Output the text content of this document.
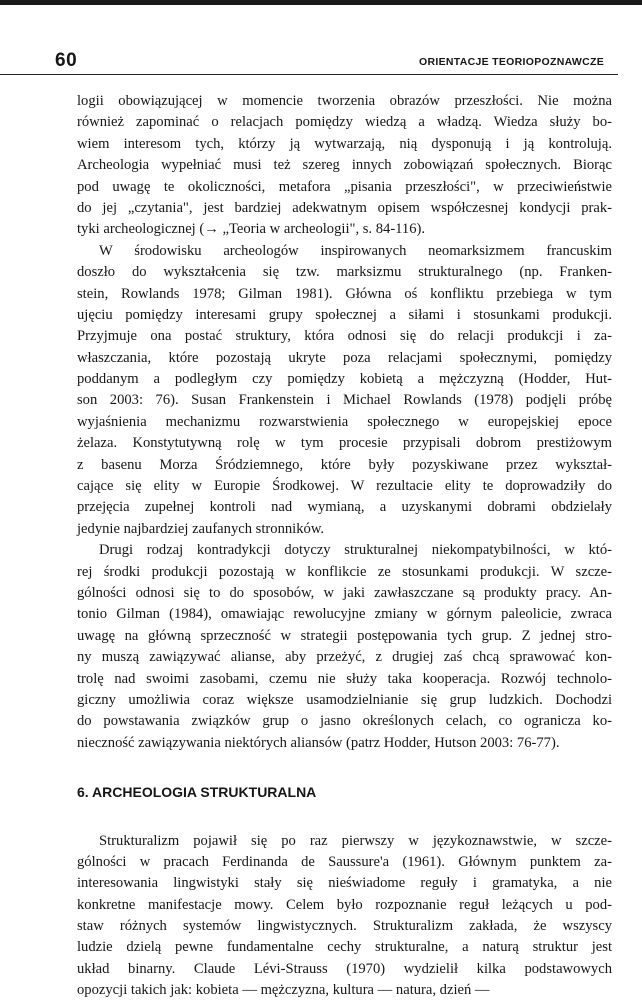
60	ORIENTACJE TEORIOPOZNAWCZE
logii obowiązującej w momencie tworzenia obrazów przeszłości. Nie można
również zapominać o relacjach pomiędzy wiedzą a władzą. Wiedza służy bo-
wiem interesom tych, którzy ją wytwarzają, nią dysponują i ją kontrolują.
Archeologia wypełniać musi też szereg innych zobowiązań społecznych. Biorąc
pod uwagę te okoliczności, metafora „pisania przeszłości", w przeciwieństwie
do jej „czytania", jest bardziej adekwatnym opisem współczesnej kondycji prak-
tyki archeologicznej (→ „Teoria w archeologii", s. 84-116).
W środowisku archeologów inspirowanych neomarksizmem francuskim
doszło do wykształcenia się tzw. marksizmu strukturalnego (np. Franken-
stein, Rowlands 1978; Gilman 1981). Główna oś konfliktu przebiega w tym
ujęciu pomiędzy interesami grupy społecznej a siłami i stosunkami produkcji.
Przyjmuje ona postać struktury, która odnosi się do relacji produkcji i za-
właszczania, które pozostają ukryte poza relacjami społecznymi, pomiędzy
poddanym a podległym czy pomiędzy kobietą a mężczyzną (Hodder, Hut-
son 2003: 76). Susan Frankenstein i Michael Rowlands (1978) podjęli próbę
wyjaśnienia mechanizmu rozwarstwienia społecznego w europejskiej epoce
żelaza. Konstytutywną rolę w tym procesie przypisali dobrom prestiżowym
z basenu Morza Śródziemnego, które były pozyskiwane przez wykształ-
cające się elity w Europie Środkowej. W rezultacie elity te doprowadziły do
przejęcia zupełnej kontroli nad wymianą, a uzyskanymi dobrami obdzielały
jedynie najbardziej zaufanych stronników.
Drugi rodzaj kontradykcji dotyczy strukturalnej niekompatybilności, w któ-
rej środki produkcji pozostają w konflikcie ze stosunkami produkcji. W szcze-
gólności odnosi się to do sposobów, w jaki zawłaszczane są produkty pracy. An-
tonio Gilman (1984), omawiając rewolucyjne zmiany w górnym paleolicie, zwraca
uwagę na główną sprzeczność w strategii postępowania tych grup. Z jednej stro-
ny muszą zawiązywać alianse, aby przeżyć, z drugiej zaś chcą sprawować kon-
trolę nad swoimi zasobami, czemu nie służy taka kooperacja. Rozwój technolo-
giczny umożliwia coraz większe usamodzielnianie się grup ludzkich. Dochodzi
do powstawania związków grup o jasno określonych celach, co ogranicza ko-
nieczność zawiązywania niektórych aliansów (patrz Hodder, Hutson 2003: 76-77).
6. ARCHEOLOGIA STRUKTURALNA
Strukturalizm pojawił się po raz pierwszy w językoznawstwie, w szcze-
gólności w pracach Ferdinanda de Saussure'a (1961). Głównym punktem za-
interesowania lingwistyki stały się nieświadome reguły i gramatyka, a nie
konkretne manifestacje mowy. Celem było rozpoznanie reguł leżących u pod-
staw różnych systemów lingwistycznych. Strukturalizm zakłada, że wszyscy
ludzie dzielą pewne fundamentalne cechy strukturalne, a naturą struktur jest
układ binarny. Claude Lévi-Strauss (1970) wydzielił kilka podstawowych
opozycji takich jak: kobieta — mężczyzna, kultura — natura, dzień —
